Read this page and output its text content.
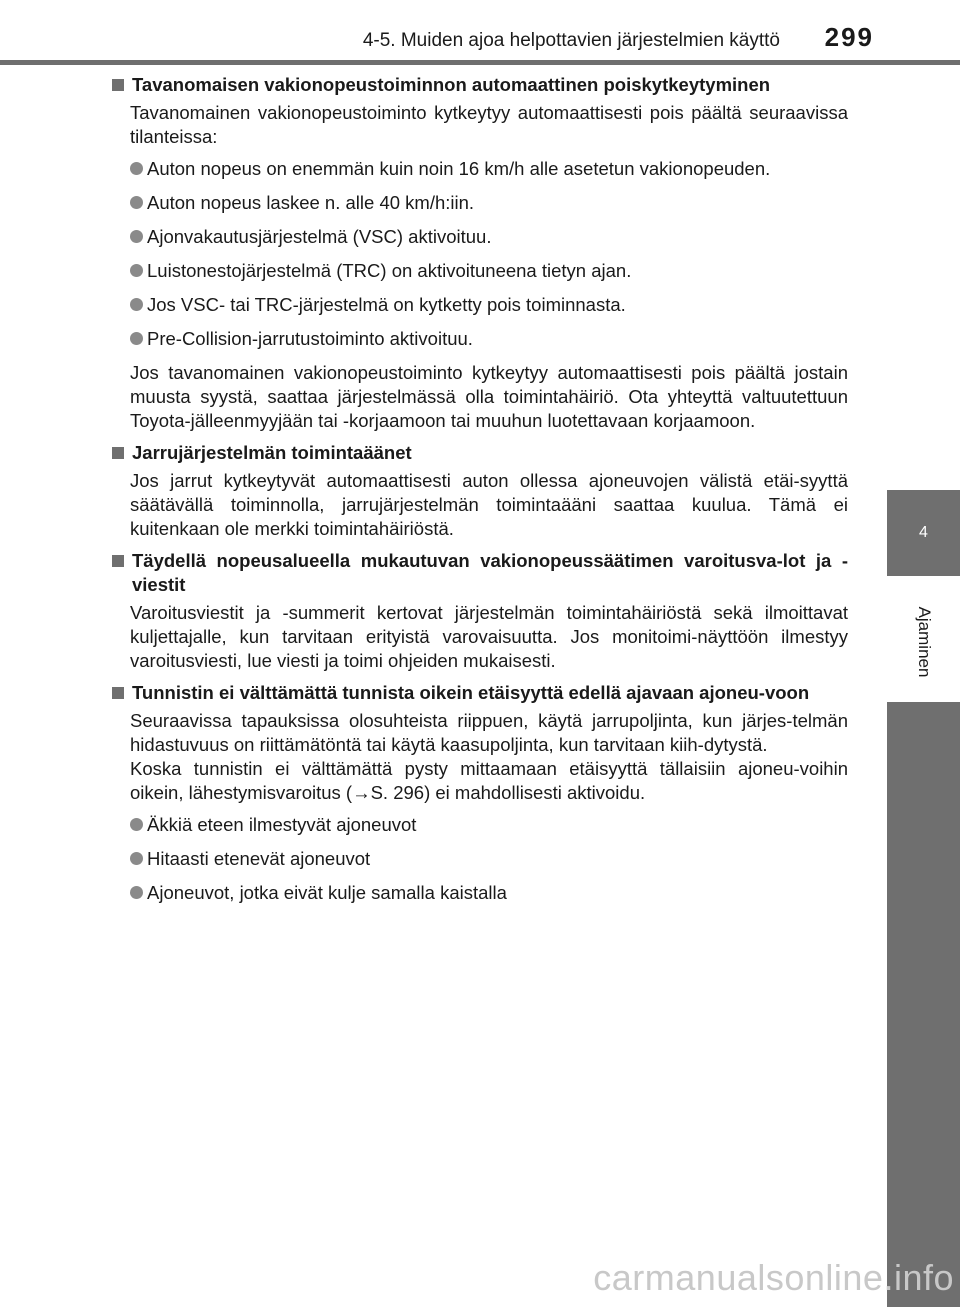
4-5. Muiden ajoa helpottavien järjestelmien käyttö 299
4
Ajaminen
Tavanomaisen vakionopeustoiminnon automaattinen poiskytkeytyminen

Tavanomainen vakionopeustoiminto kytkeytyy automaattisesti pois päältä seuraavissa tilanteissa:

Auton nopeus on enemmän kuin noin 16 km/h alle asetetun vakionopeuden.
Auton nopeus laskee n. alle 40 km/h:iin.
Ajonvakautusjärjestelmä (VSC) aktivoituu.
Luistonestojärjestelmä (TRC) on aktivoituneena tietyn ajan.
Jos VSC- tai TRC-järjestelmä on kytketty pois toiminnasta.
Pre-Collision-jarrutustoiminto aktivoituu.

Jos tavanomainen vakionopeustoiminto kytkeytyy automaattisesti pois päältä jostain muusta syystä, saattaa järjestelmässä olla toimintahäiriö. Ota yhteyttä valtuutettuun Toyota-jälleenmyyjään tai -korjaamoon tai muuhun luotettavaan korjaamoon.

Jarrujärjestelmän toimintaäänet

Jos jarrut kytkeytyvät automaattisesti auton ollessa ajoneuvojen välistä etäi-syyttä säätävällä toiminnolla, jarrujärjestelmän toimintaääni saattaa kuulua. Tämä ei kuitenkaan ole merkki toimintahäiriöstä.

Täydellä nopeusalueella mukautuvan vakionopeussäätimen varoitusva-lot ja -viestit

Varoitusviestit ja -summerit kertovat järjestelmän toimintahäiriöstä sekä ilmoittavat kuljettajalle, kun tarvitaan erityistä varovaisuutta. Jos monitoimi-näyttöön ilmestyy varoitusviesti, lue viesti ja toimi ohjeiden mukaisesti.

Tunnistin ei välttämättä tunnista oikein etäisyyttä edellä ajavaan ajoneu-voon

Seuraavissa tapauksissa olosuhteista riippuen, käytä jarrupoljinta, kun järjes-telmän hidastuvuus on riittämätöntä tai käytä kaasupoljinta, kun tarvitaan kiih-dytystä.

Koska tunnistin ei välttämättä pysty mittaamaan etäisyyttä tällaisiin ajoneu-voihin oikein, lähestymisvaroitus (→S. 296) ei mahdollisesti aktivoidu.

Äkkiä eteen ilmestyvät ajoneuvot
Hitaasti etenevät ajoneuvot
Ajoneuvot, jotka eivät kulje samalla kaistalla
carmanualsonline.info
